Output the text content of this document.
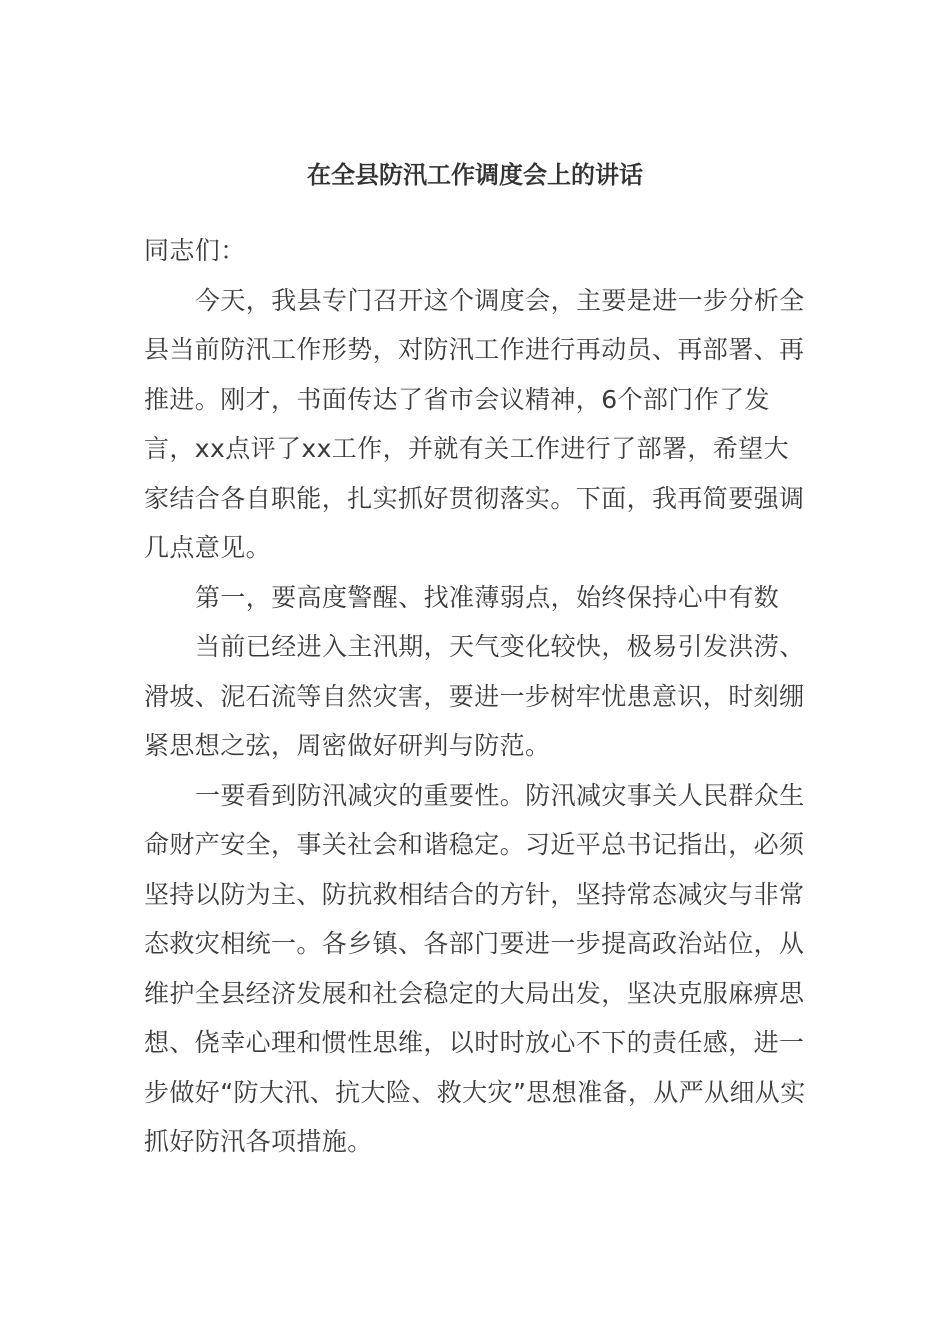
在全县防汛工作调度会上的讲话

同志们：

今天，我县专门召开这个调度会，主要是进一步分析全县当前防汛工作形势，对防汛工作进行再动员、再部署、再推进。刚才，书面传达了省市会议精神，6个部门作了发言，xx点评了xx工作，并就有关工作进行了部署，希望大家结合各自职能，扎实抓好贯彻落实。下面，我再简要强调几点意见。

第一，要高度警醒、找准薄弱点，始终保持心中有数

当前已经进入主汛期，天气变化较快，极易引发洪涝、滑坡、泥石流等自然灾害，要进一步树牢忧患意识，时刻绷紧思想之弦，周密做好研判与防范。

一要看到防汛减灾的重要性。防汛减灾事关人民群众生命财产安全，事关社会和谐稳定。习近平总书记指出，必须坚持以防为主、防抗救相结合的方针，坚持常态减灾与非常态救灾相统一。各乡镇、各部门要进一步提高政治站位，从维护全县经济发展和社会稳定的大局出发，坚决克服麻痹思想、侥幸心理和惯性思维，以时时放心不下的责任感，进一步做好“防大汛、抗大险、救大灾”思想准备，从严从细从实抓好防汛各项措施。
